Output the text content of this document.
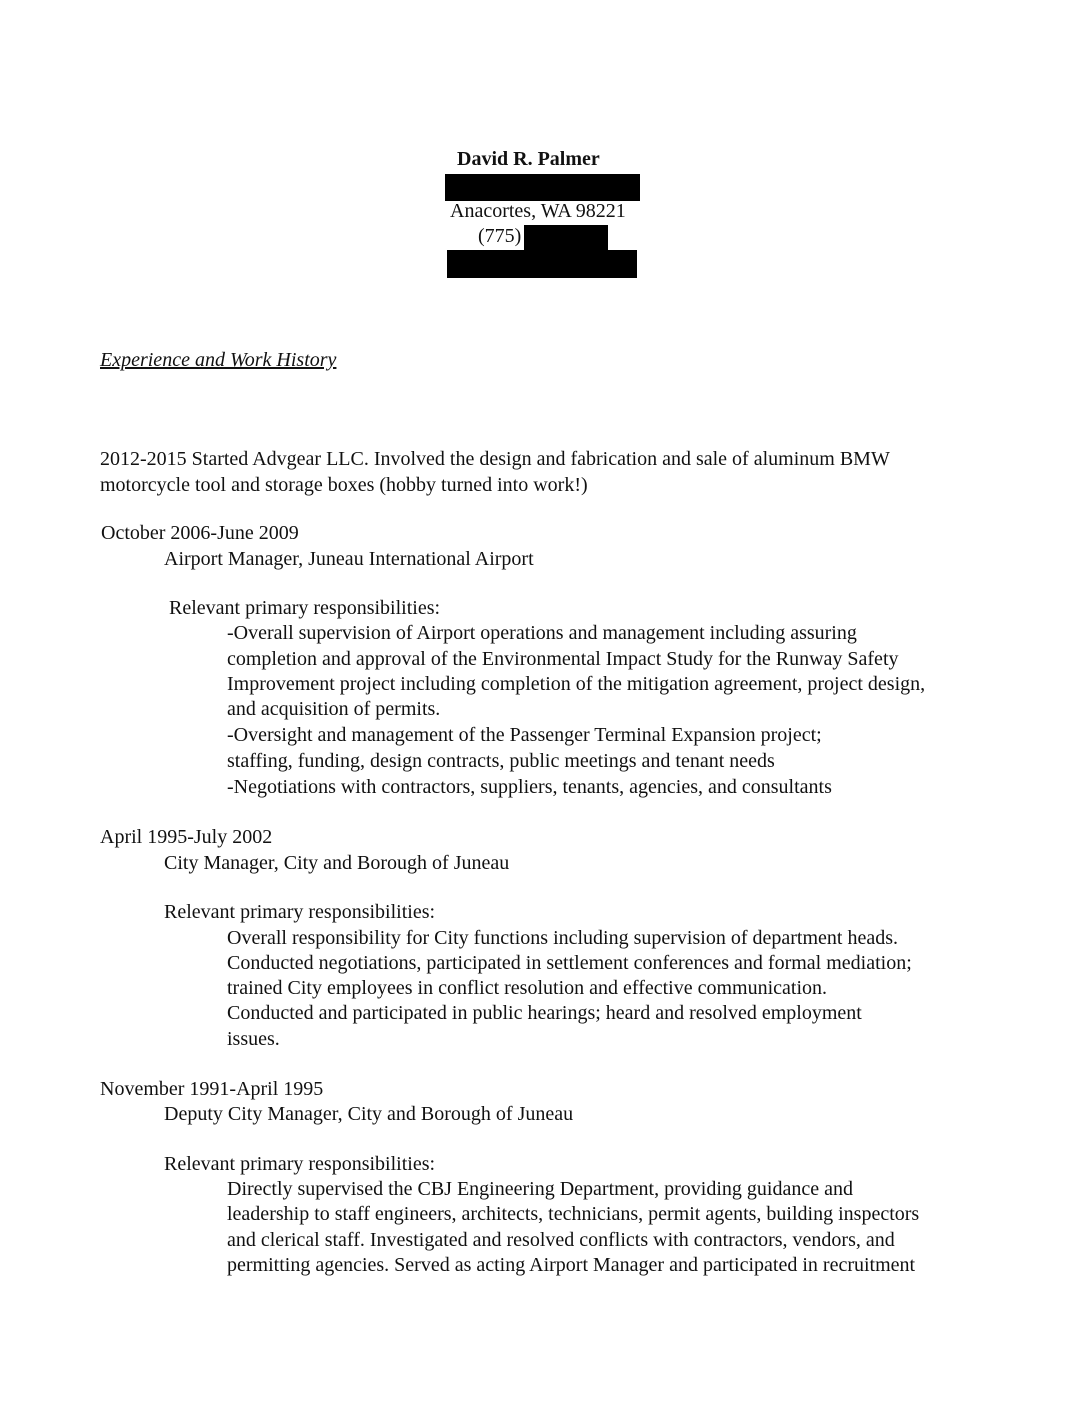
David R. Palmer
Anacortes, WA 98221
(775)
Experience and Work History
2012-2015 Started Advgear LLC. Involved the design and fabrication and sale of aluminum BMW
motorcycle tool and storage boxes (hobby turned into work!)
October 2006-June 2009
Airport Manager, Juneau International Airport
Relevant primary responsibilities:
-Overall supervision of Airport operations and management including assuring
completion and approval of the Environmental Impact Study for the Runway Safety
Improvement project including completion of the mitigation agreement, project design,
and acquisition of permits.
-Oversight and management of the Passenger Terminal Expansion project;
staffing, funding, design contracts, public meetings and tenant needs
-Negotiations with contractors, suppliers, tenants, agencies, and consultants
April 1995-July 2002
City Manager, City and Borough of Juneau
Relevant primary responsibilities:
Overall responsibility for City functions including supervision of department heads.
Conducted negotiations, participated in settlement conferences and formal mediation;
trained City employees in conflict resolution and effective communication.
Conducted and participated in public hearings; heard and resolved employment
issues.
November 1991-April 1995
Deputy City Manager, City and Borough of Juneau
Relevant primary responsibilities:
Directly supervised the CBJ Engineering Department, providing guidance and
leadership to staff engineers, architects, technicians, permit agents, building inspectors
and clerical staff. Investigated and resolved conflicts with contractors, vendors, and
permitting agencies. Served as acting Airport Manager and participated in recruitment
